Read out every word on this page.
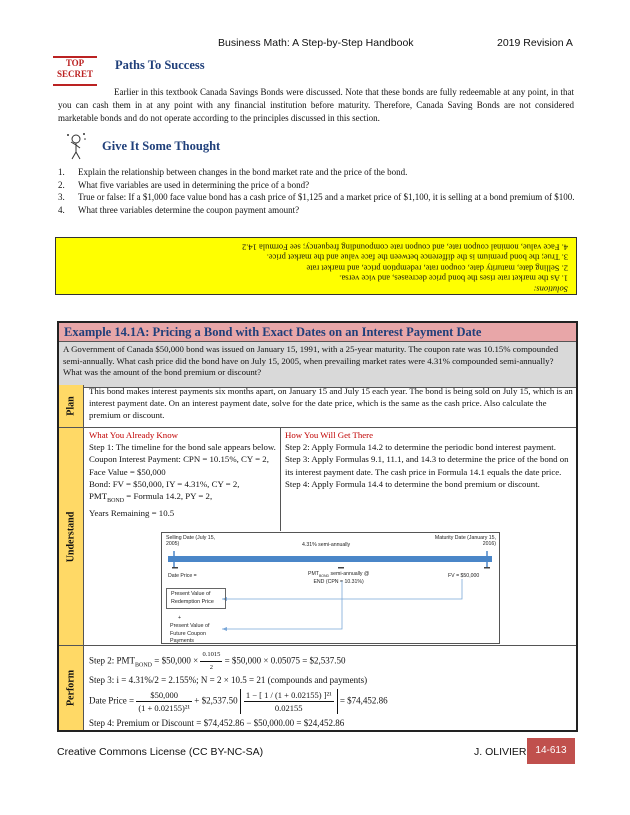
Business Math: A Step-by-Step Handbook	2019 Revision A
TOP
SECRET
Paths To Success
Earlier in this textbook Canada Savings Bonds were discussed. Note that these bonds are fully redeemable at any point, in that you can cash them in at any point with any financial institution before maturity. Therefore, Canada Saving Bonds are not considered marketable bonds and do not operate according to the principles discussed in this section.
Give It Some Thought
1. Explain the relationship between changes in the bond market rate and the price of the bond.
2. What five variables are used in determining the price of a bond?
3. True or false: If a $1,000 face value bond has a cash price of $1,125 and a market price of $1,100, it is selling at a bond premium of $100.
4. What three variables determine the coupon payment amount?
Solutions:
1. As the market rate rises the bond price decreases, and vice versa.
2. Selling date, maturity date, coupon rate, redemption price, and market rate
3. True; the bond premium is the difference between the face value and the market price.
4. Face value, nominal coupon rate, and coupon rate compounding frequency; see Formula 14.2
Example 14.1A: Pricing a Bond with Exact Dates on an Interest Payment Date
A Government of Canada $50,000 bond was issued on January 15, 1991, with a 25-year maturity. The coupon rate was 10.15% compounded semi-annually. What cash price did the bond have on July 15, 2005, when prevailing market rates were 4.31% compounded semi-annually? What was the amount of the bond premium or discount?
Plan
This bond makes interest payments six months apart, on January 15 and July 15 each year. The bond is being sold on July 15, which is an interest payment date. On an interest payment date, solve for the date price, which is the same as the cash price. Also calculate the premium or discount.
Understand
What You Already Know
Step 1: The timeline for the bond sale appears below.
Coupon Interest Payment: CPN = 10.15%, CY = 2, Face Value = $50,000
Bond: FV = $50,000, IY = 4.31%, CY = 2,
$PMT_{BOND}$ = Formula 14.2, PY = 2,
Years Remaining = 10.5
How You Will Get There
Step 2: Apply Formula 14.2 to determine the periodic bond interest payment.
Step 3: Apply Formulas 9.1, 11.1, and 14.3 to determine the price of the bond on its interest payment date. The cash price in Formula 14.1 equals the date price.
Step 4: Apply Formula 14.4 to determine the bond premium or discount.
Selling Date (July 15, 2005)	4.31% semi-annually
Maturity Date (January 15, 2016)
Date Price =	$PMT_{BOND}$ semi-annually @
END (CPN = 10.31%)
FV = $50,000
Present Value of Redemption Price
+
Present Value of Future Coupon Payments
Perform
Step 2: $PMT_{BOND}$ = $50,000 × $\frac{0.1015}{2}$ = $50,000 × 0.05075 = $2,537.50
Step 3: i = 4.31%/2 = 2.155%; N = 2 × 10.5 = 21 (compounds and payments)
Date Price = $\frac{\$50,000}{\text{(1 + 0.02155)²¹}}$ + $2,537.50 $\frac{\text{1 − [ 1 / (1 + 0.02155) ]²¹}}{0.02155}$ = $74,452.86
Step 4: Premium or Discount = $74,452.86 − $50,000.00 = $24,452.86
Creative Commons License (CC BY-NC-SA)	J. OLIVIER 14-613
